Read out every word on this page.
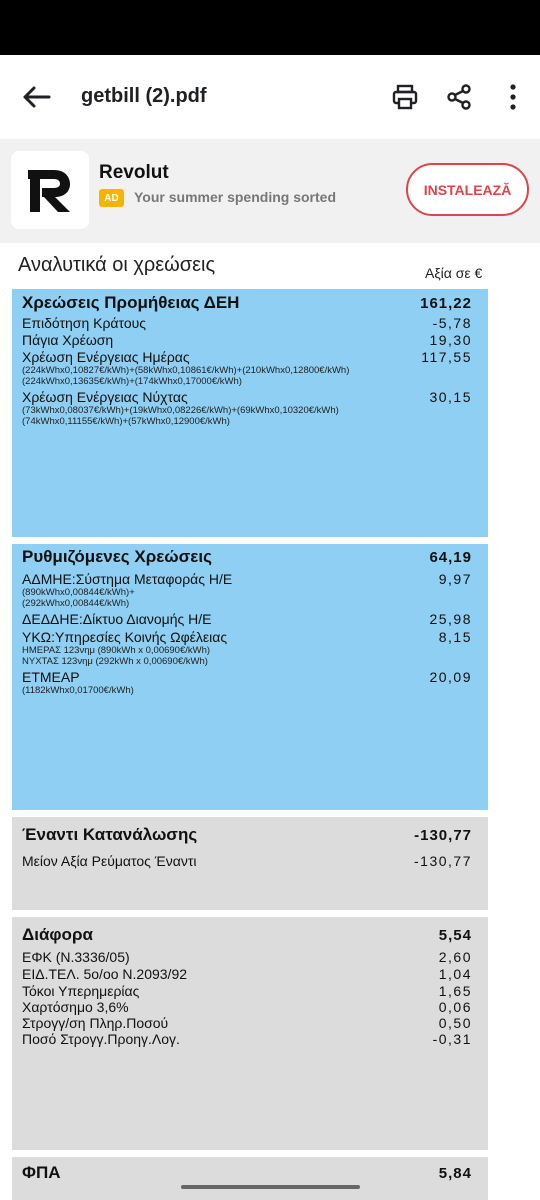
getbill (2).pdf
Revolut
AD	Your summer spending sorted	INSTALEAZĂ
Αναλυτικά οι χρεώσεις	Αξία σε €
Χρεώσεις Προμήθειας ΔΕΗ	161,22
Επιδότηση Κράτους	-5,78
Πάγια Χρέωση	19,30
Χρέωση Ενέργειας Ημέρας	117,55
(224kWhx0,10827€/kWh)+(58kWhx0,10861€/kWh)+(210kWhx0,12800€/kWh)
(224kWhx0,13635€/kWh)+(174kWhx0,17000€/kWh)
Χρέωση Ενέργειας Νύχτας	30,15
(73kWhx0,08037€/kWh)+(19kWhx0,08226€/kWh)+(69kWhx0,10320€/kWh)
(74kWhx0,11155€/kWh)+(57kWhx0,12900€/kWh)
Ρυθμιζόμενες Χρεώσεις	64,19
ΑΔΜΗΕ:Σύστημα Μεταφοράς Η/Ε	9,97
(890kWhx0,00844€/kWh)+
(292kWhx0,00844€/kWh)
ΔΕΔΔΗΕ:Δίκτυο Διανομής Η/Ε	25,98
ΥΚΩ:Υπηρεσίες Κοινής Ωφέλειας	8,15
ΗΜΕΡΑΣ 123νημ (890kWh x 0,00690€/kWh)
ΝΥΧΤΑΣ 123νημ (292kWh x 0,00690€/kWh)
ΕΤΜΕΑΡ	20,09
(1182kWhx0,01700€/kWh)
Έναντι Κατανάλωσης	-130,77
Μείον Αξία Ρεύματος Έναντι	-130,77
Διάφορα	5,54
ΕΦΚ (Ν.3336/05)	2,60
ΕΙΔ.ΤΕΛ. 5ο/οο Ν.2093/92	1,04
Τόκοι Υπερημερίας	1,65
Χαρτόσημο 3,6%	0,06
Στρογγ/ση Πληρ.Ποσού	0,50
Ποσό Στρογγ.Προηγ.Λογ.	-0,31
ΦΠΑ	5,84
